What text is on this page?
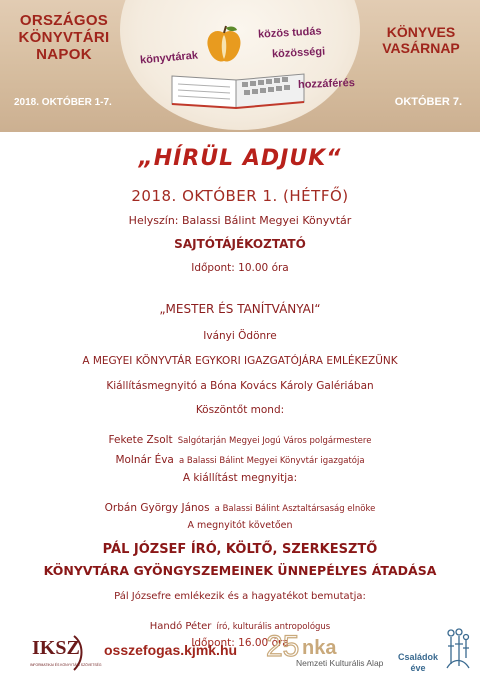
ORSZÁGOS
KÖNYVTÁRI
NAPOK
2018. OKTÓBER 1-7.
KÖNYVES
VASÁRNAP
OKTÓBER 7.
könyvtárak
közös tudás
közösségi
hozzáférés
„HÍRÜL ADJUK“
2018. OKTÓBER 1. (HÉTFŐ)
Helyszín: Balassi Bálint Megyei Könyvtár
SAJTÓTÁJÉKOZTATÓ
Időpont: 10.00 óra
„MESTER ÉS TANÍTVÁNYAI“
Iványi Ödönre
A MEGYEI KÖNYVTÁR EGYKORI IGAZGATÓJÁRA EMLÉKEZÜNK
Kiállításmegnyitó a Bóna Kovács Károly Galériában
Köszöntőt mond:
Fekete Zsolt Salgótarján Megyei Jogú Város polgármestere
Molnár Éva a Balassi Bálint Megyei Könyvtár igazgatója
A kiállítást megnyitja:
Orbán György János a Balassi Bálint Asztaltársaság elnöke
A megnyitót követően
PÁL JÓZSEF ÍRÓ, KÖLTŐ, SZERKESZTŐ
KÖNYVTÁRA GYÖNGYSZEMEINEK ÜNNEPÉLYES ÁTADÁSA
Pál Józsefre emlékezik és a hagyatékot bemutatja:
Handó Péter író, kulturális antropológus
Időpont: 16.00 óra
IKSZ
INFORMATIKAI ÉS KÖNYVTÁRI SZÖVETSÉG
osszefogas.kjmk.hu 25 nka
Nemzeti Kulturális Alap
Családok
éve
